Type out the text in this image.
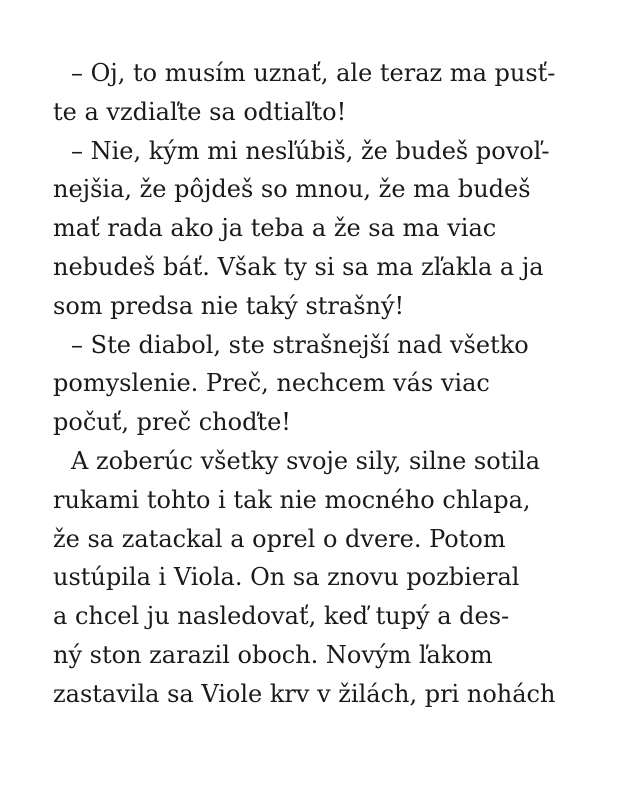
– Oj, to musím uznať, ale teraz ma pusť-
te a vzdiaľte sa odtiaľto!
– Nie, kým mi nesľúbiš, že budeš povoľ-
nejšia, že pôjdeš so mnou, že ma budeš
mať rada ako ja teba a že sa ma viac
nebudeš báť. Však ty si sa ma zľakla a ja
som predsa nie taký strašný!
– Ste diabol, ste strašnejší nad všetko
pomyslenie. Preč, nechcem vás viac
počuť, preč choďte!
A zoberúc všetky svoje sily, silne sotila
rukami tohto i tak nie mocného chlapa,
že sa zatackal a oprel o dvere. Potom
ustúpila i Viola. On sa znovu pozbieral
a chcel ju nasledovať, keď tupý a des-
ný ston zarazil oboch. Novým ľakom
zastavila sa Viole krv v žilách, pri nohách
